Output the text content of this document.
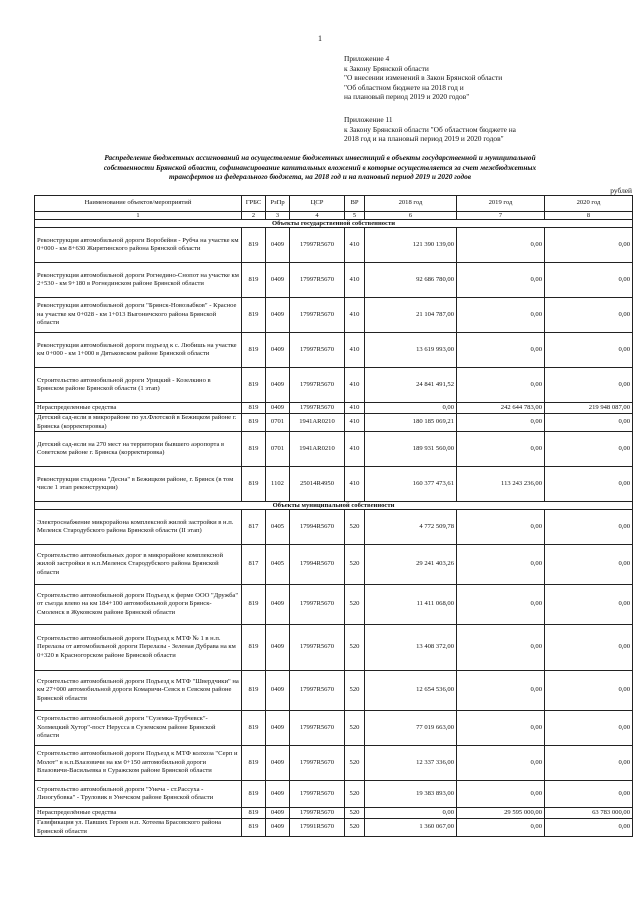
1
Приложение 4
к Закону Брянской области
"О внесении изменений в Закон Брянской области
"Об областном бюджете на 2018 год и
на плановый период 2019 и 2020 годов"
Приложение 11
к Закону Брянской области "Об областном бюджете на
2018 год и на плановый период 2019 и 2020 годов"
Распределение бюджетных ассигнований на осуществление бюджетных инвестиций в объекты государственной и муниципальной
собственности Брянской области, софинансирование капитальных вложений в которые осуществляется за счет межбюджетных
трансфертов из федерального бюджета, на 2018 год и на плановый период 2019 и 2020 годов
рублей
Наименование объектов/мероприятий	ГРБС	РзПр	ЦСР	ВР	2018 год	2019 год	2020 год
1	2	3	4	5	6	7	8
Объекты государственной собственности							
Реконструкция автомобильной дороги Воробейня - Рубча на участке км 0+000 - км 8+630 Жирятинского района Брянской области	819	0409	17997R5670	410	121 390 139,00	0,00	0,00
Реконструкция автомобильной дороги Рогнедино-Снопот на участке км 2+530 - км 9+180 в Рогнединском районе Брянской области	819	0409	17997R5670	410	92 686 780,00	0,00	0,00
Реконструкция автомобильной дороги "Брянск-Новозыбков" - Красное на участке км 0+028 - км 1+013 Выгоничского района Брянской области	819	0409	17997R5670	410	21 104 787,00	0,00	0,00
Реконструкция автомобильной дороги подъезд к с. Любишь на участке км 0+000 - км 1+000 в Дятьковском районе Брянской области	819	0409	17997R5670	410	13 619 993,00	0,00	0,00
Строительство автомобильной дороги Урицкий - Козелкино в Брянском районе Брянской области (1 этап)	819	0409	17997R5670	410	24 841 491,52	0,00	0,00
Нераспределенные средства	819	0409	17997R5670	410	0,00	242 644 783,00	219 948 087,00
Детский сад-ясли в микрорайоне по ул.Флотской в Бежицком районе г. Брянска (корректировка)	819	0701	1941AR0210	410	180 185 069,21	0,00	0,00
Детский сад-ясли на 270 мест на территории бывшего аэропорта в Советском районе г. Брянска (корректировка)	819	0701	1941AR0210	410	189 931 560,00	0,00	0,00
Реконструкция стадиона "Десна" в Бежицком районе, г. Брянск (в том числе 1 этап реконструкции)	819	1102	25014R4950	410	160 377 473,61	113 243 236,00	0,00
Объекты муниципальной собственности							
Электроснабжение микрорайона комплексной жилой застройки в н.п. Мелеиск Стародубского района Брянской области (II этап)	817	0405	17994R5670	520	4 772 509,78	0,00	0,00
Строительство автомобильных дорог в микрорайоне комплексной жилой застройки в н.п.Меленск Стародубского района Брянской области	817	0405	17994R5670	520	29 241 403,26	0,00	0,00
Строительство автомобильной дороги Подъезд к ферме ООО "Дружба" от съезда влево на км 184+100 автомобильной дороги Брянск-Смоленск в Жуковском районе Брянской области	819	0409	17997R5670	520	11 411 068,00	0,00	0,00
Строительство автомобильной дороги Подъезд к МТФ № 1 в н.п. Перелазы от автомобильной дороги Перелазы - Зеленая Дубрава на км 0+320 в Красногорском районе Брянской области	819	0409	17997R5670	520	13 408 372,00	0,00	0,00
Строительство автомобильной дороги Подъезд к МТФ "Швердчики" на км 27+000 автомобильной дороги Комаричи-Севск в Севском районе Брянской области	819	0409	17997R5670	520	12 654 536,00	0,00	0,00
Строительство автомобильной дороги "Суземка-Трубчевск"-Холмецкий Хутор"-пост Нерусса в Суземском районе Брянской области	819	0409	17997R5670	520	77 019 663,00	0,00	0,00
Строительство автомобильной дороги Подъезд к МТФ колхоза "Серп и Молот" в н.п.Влазовичи на км 0+150 автомобильной дороги Влазовичи-Васильевка в Суражском районе Брянской области	819	0409	17997R5670	520	12 337 336,00	0,00	0,00
Строительство автомобильной дороги "Унеча - ст.Рассуха - Лизогубовка" - Труловик в Унечском районе Брянской области	819	0409	17997R5670	520	19 383 893,00	0,00	0,00
Нераспределённые средства	819	0409	17997R5670	520	0,00	29 595 000,00	63 783 000,00
Газификация ул. Павших Героев н.п. Хотеева Брасовского района Брянской области	819	0409	17991R5670	520	1 360 067,00	0,00	0,00
